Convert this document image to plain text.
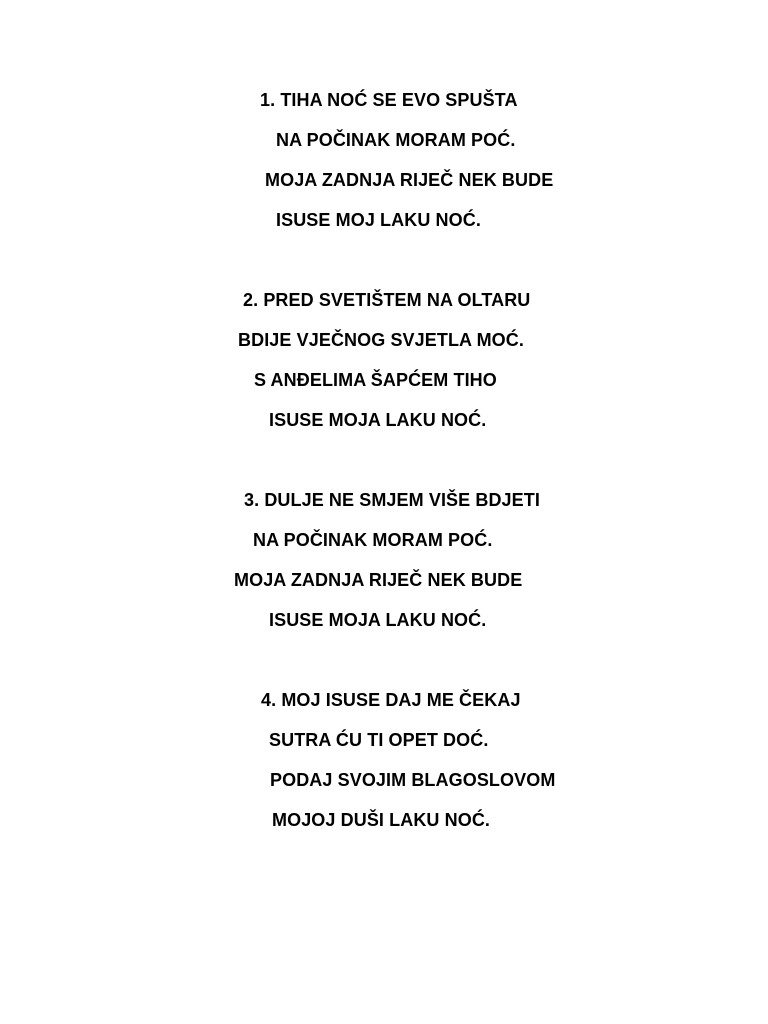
1. TIHA NOĆ SE EVO SPUŠTA
NA POČINAK MORAM POĆ.
MOJA ZADNJA RIJEČ NEK BUDE
ISUSE MOJ LAKU NOĆ.
2. PRED SVETIŠTEM NA OLTARU
BDIJE VJEČNOG SVJETLA MOĆ.
S ANĐELIMA ŠAPĆEM TIHO
ISUSE MOJA LAKU NOĆ.
3. DULJE NE SMJEM VIŠE BDJETI
NA POČINAK MORAM POĆ.
MOJA ZADNJA RIJEČ NEK BUDE
ISUSE MOJA LAKU NOĆ.
4. MOJ ISUSE DAJ ME ČEKAJ
SUTRA ĆU TI OPET DOĆ.
PODAJ SVOJIM BLAGOSLOVOM
MOJOJ DUŠI LAKU NOĆ.
